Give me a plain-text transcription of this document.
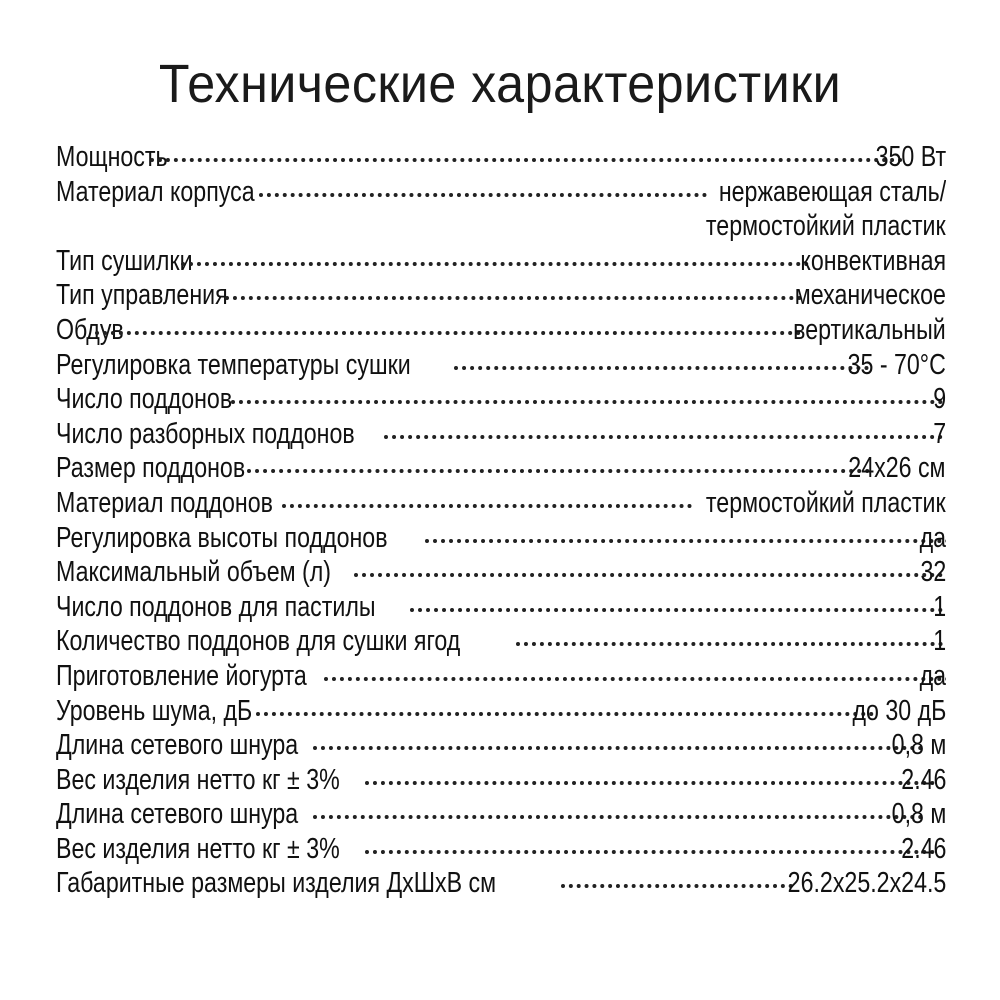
Технические характеристики
Мощность	350 Вт
Материал корпуса	нержавеющая сталь/
термостойкий пластик
Тип сушилки	конвективная
Тип управления	механическое
Обдув	вертикальный
Регулировка температуры сушки	35 - 70°C
Число поддонов	9
Число разборных поддонов	7
Размер поддонов	24x26 см
Материал поддонов	термостойкий пластик
Регулировка высоты поддонов	да
Максимальный объем (л)	32
Число поддонов для пастилы	1
Количество поддонов для сушки ягод	1
Приготовление йогурта	да
Уровень шума, дБ	до 30 дБ
Длина сетевого шнура	0,8 м
Вес изделия нетто кг ± 3%	2.46
Длина сетевого шнура	0,8 м
Вес изделия нетто кг ± 3%	2.46
Габаритные размеры изделия ДхШхВ см	26.2x25.2x24.5
